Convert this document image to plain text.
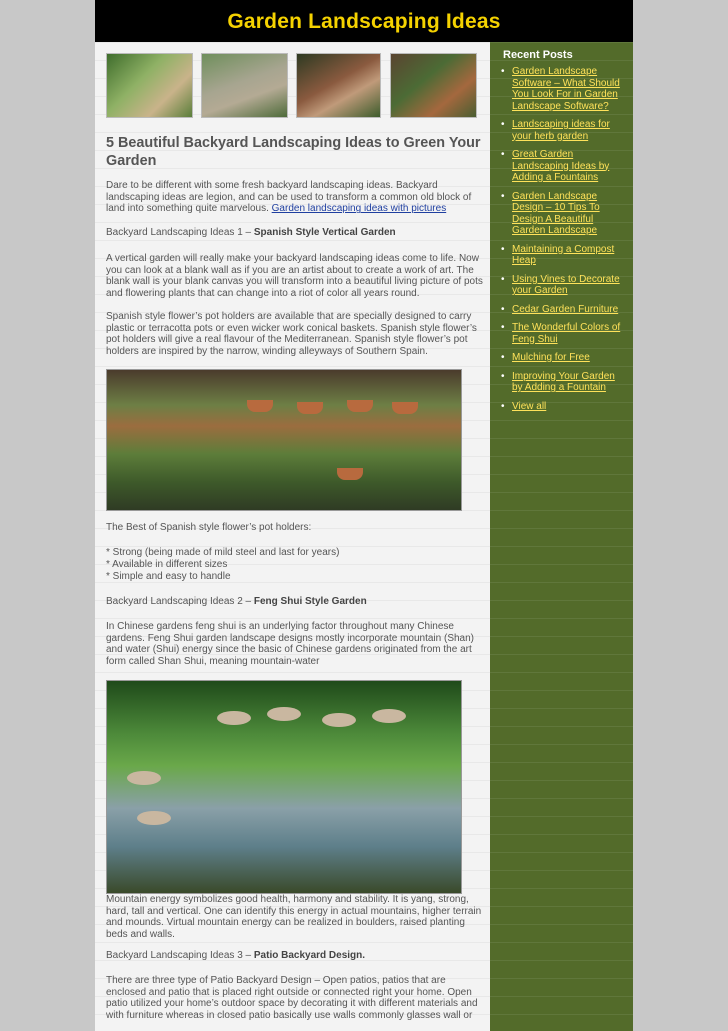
Garden Landscaping Ideas
5 Beautiful Backyard Landscaping Ideas to Green Your Garden
Dare to be different with some fresh backyard landscaping ideas. Backyard landscaping ideas are legion, and can be used to transform a common old block of land into something quite marvelous. Garden landscaping ideas with pictures
Backyard Landscaping Ideas 1 – Spanish Style Vertical Garden
A vertical garden will really make your backyard landscaping ideas come to life. Now you can look at a blank wall as if you are an artist about to create a work of art. The blank wall is your blank canvas you will transform into a beautiful living picture of pots and flowering plants that can change into a riot of color all years round.
Spanish style flower’s pot holders are available that are specially designed to carry plastic or terracotta pots or even wicker work conical baskets. Spanish style flower’s pot holders will give a real flavour of the Mediterranean. Spanish style flower’s pot holders are inspired by the narrow, winding alleyways of Southern Spain.
The Best of Spanish style flower’s pot holders:
* Strong (being made of mild steel and last for years)
* Available in different sizes
* Simple and easy to handle
Backyard Landscaping Ideas 2 – Feng Shui Style Garden
In Chinese gardens feng shui is an underlying factor throughout many Chinese gardens. Feng Shui garden landscape designs mostly incorporate mountain (Shan) and water (Shui) energy since the basic of Chinese gardens originated from the art form called Shan Shui, meaning mountain-water
Mountain energy symbolizes good health, harmony and stability. It is yang, strong, hard, tall and vertical. One can identify this energy in actual mountains, higher terrain and mounds. Virtual mountain energy can be realized in boulders, raised planting beds and walls.
Backyard Landscaping Ideas 3 – Patio Backyard Design.
There are three type of Patio Backyard Design – Open patios, patios that are enclosed and patio that is placed right outside or connected right your home. Open patio utilized your home’s outdoor space by decorating it with different materials and with furniture whereas in closed patio basically use walls commonly glasses wall or
Recent Posts
• Garden Landscape Software – What Should You Look For in Garden Landscape Software?
• Landscaping ideas for your herb garden
• Great Garden Landscaping Ideas by Adding a Fountains
• Garden Landscape Design – 10 Tips To Design A Beautiful Garden Landscape
• Maintaining a Compost Heap
• Using Vines to Decorate your Garden
• Cedar Garden Furniture
• The Wonderful Colors of Feng Shui
• Mulching for Free
• Improving Your Garden by Adding a Fountain
• View all
